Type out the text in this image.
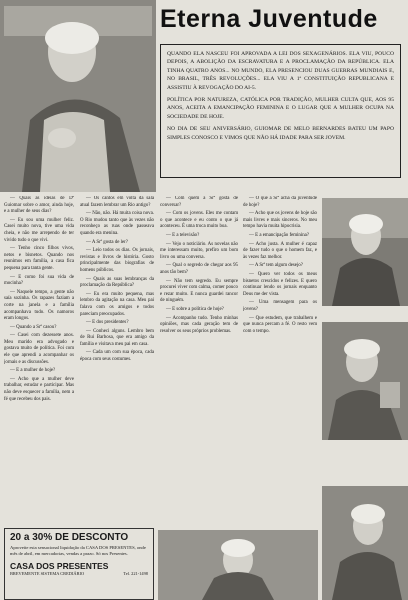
Eterna Juventude

QUANDO ELA NASCEU FOI APROVADA A LEI DOS SEXAGENÁRIOS. ELA VIU, POUCO DEPOIS, A ABOLIÇÃO DA ESCRAVATURA E A PROCLAMAÇÃO DA REPÚBLICA. ELA TINHA QUATRO ANOS... NO MUNDO, ELA PRESENCIOU DUAS GUERRAS MUNDIAIS E, NO BRASIL, TRÊS REVOLUÇÕES... ELA VIU A 1ª CONSTITUIÇÃO REPUBLICANA E ASSISTIU À REVOGAÇÃO DO AI-5.

POLÍTICA POR NATUREZA, CATÓLICA POR TRADIÇÃO, MULHER CULTA QUE, AOS 95 ANOS, ACEITA A EMANCIPAÇÃO FEMININA E O LUGAR QUE A MULHER OCUPA NA SOCIEDADE DE HOJE.

NO DIA DE SEU ANIVERSÁRIO, GUIOMAR DE MELO BERNARDES BATEU UM PAPO SIMPLES CONOSCO E VIMOS QUE NÃO HÁ IDADE PARA SER JOVEM.

— Quais as idéias de Dª Guiomar sobre o amor, ainda hoje, e a mulher de seus dias?

— Eu sou uma mulher feliz. Casei muito nova, tive uma vida cheia, e não me arrependo de ter vivido tudo o que vivi.

— Tenho cinco filhos vivos, netos e bisnetos. Quando nos reunimos em família, a casa fica pequena para tanta gente.

— E como foi sua vida de mocinha?

— Naquele tempo, a gente não saía sozinha. Os rapazes faziam a corte na janela e a família acompanhava tudo. Os namoros eram longos.

— Quando a Srª casou?

— Casei com dezessete anos. Meu marido era advogado e gostava muito de política. Foi com ele que aprendi a acompanhar os jornais e as discussões.

— E a mulher de hoje?

— Acho que a mulher deve trabalhar, estudar e participar. Mas não deve esquecer a família, nem a fé que recebeu dos pais.

— Os cantos em volta da sala atual fazem lembrar um Rio antigo?

— Não, não. Há muita coisa nova. O Rio mudou tanto que às vezes não reconheço as ruas onde passeava quando era menina.

— A Srª gosta de ler?

— Leio todos os dias. Os jornais, revistas e livros de história. Gosto principalmente das biografias de homens públicos.

— Quais as suas lembranças da proclamação da República?

— Eu era muito pequena, mas lembro da agitação na casa. Meu pai falava com os amigos e todos pareciam preocupados.

— E dos presidentes?

— Conheci alguns. Lembro bem de Rui Barbosa, que era amigo da família e visitava meu pai em casa.

— Cada um com sua época, cada época com seus costumes.

— Com quem a Srª gosta de conversar?

— Com os jovens. Eles me contam o que acontece e eu conto o que já aconteceu. É uma troca muito boa.

— E a televisão?

— Vejo o noticiário. As novelas não me interessam muito, prefiro um bom livro ou uma conversa.

— Qual o segredo de chegar aos 95 anos tão bem?

— Não tem segredo. Eu sempre procurei viver com calma, comer pouco e rezar muito. E nunca guardei rancor de ninguém.

— E sobre a política de hoje?

— Acompanho tudo. Tenho minhas opiniões, mas cada geração tem de resolver os seus próprios problemas.

— O que a Srª acha da juventude de hoje?

— Acho que os jovens de hoje são mais livres e mais sinceros. No meu tempo havia muita hipocrisia.

— E a emancipação feminina?

— Acho justa. A mulher é capaz de fazer tudo o que o homem faz, e às vezes faz melhor.

— A Srª tem algum desejo?

— Quero ver todos os meus bisnetos crescidos e felizes. E quero continuar lendo os jornais enquanto Deus me der vista.

— Uma mensagem para os jovens?

— Que estudem, que trabalhem e que nunca percam a fé. O resto vem com o tempo.

20 a 30% DE DESCONTO
Aproveite esta sensacional liquidação da CASA DOS PRESENTES, onde mês de abril, em mercadorias, vendas a prazo. Só nos Presentes.
CASA DOS PRESENTES
BREVEMENTE SISTEMA CREDIÁRIO	Tel. 221-1498
